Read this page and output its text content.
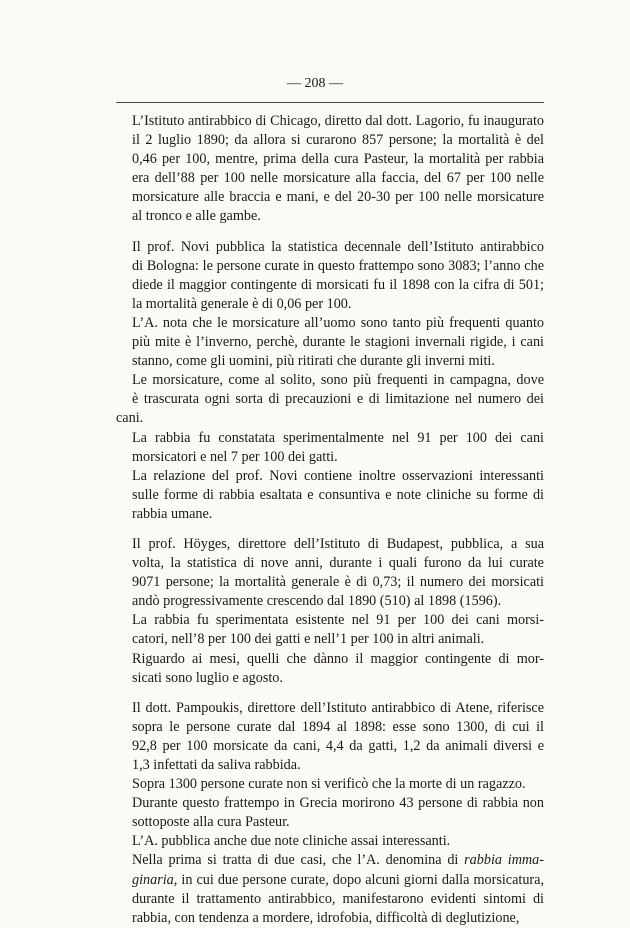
— 208 —

L’Istituto antirabbico di Chicago, diretto dal dott. Lagorio, fu inaugurato
il 2 luglio 1890; da allora si curarono 857 persone; la mortalità è del
0,46 per 100, mentre, prima della cura Pasteur, la mortalità per rabbia
era dell’88 per 100 nelle morsicature alla faccia, del 67 per 100 nelle
morsicature alle braccia e mani, e del 20-30 per 100 nelle morsicature
al tronco e alle gambe.

Il prof. Novi pubblica la statistica decennale dell’Istituto antirabbico
di Bologna: le persone curate in questo frattempo sono 3083; l’anno che
diede il maggior contingente di morsicati fu il 1898 con la cifra di 501;
la mortalità generale è di 0,06 per 100.

L’A. nota che le morsicature all’uomo sono tanto più frequenti quanto
più mite è l’inverno, perchè, durante le stagioni invernali rigide, i cani
stanno, come gli uomini, più ritirati che durante gli inverni miti.

Le morsicature, come al solito, sono più frequenti in campagna, dove
è trascurata ogni sorta di precauzioni e di limitazione nel numero dei cani.

La rabbia fu constatata sperimentalmente nel 91 per 100 dei cani
morsicatori e nel 7 per 100 dei gatti.

La relazione del prof. Novi contiene inoltre osservazioni interessanti
sulle forme di rabbia esaltata e consuntiva e note cliniche su forme di
rabbia umane.

Il prof. Höyges, direttore dell’Istituto di Budapest, pubblica, a sua
volta, la statistica di nove anni, durante i quali furono da lui curate
9071 persone; la mortalità generale è di 0,73; il numero dei morsicati
andò progressivamente crescendo dal 1890 (510) al 1898 (1596).

La rabbia fu sperimentata esistente nel 91 per 100 dei cani morsi-
catori, nell’8 per 100 dei gatti e nell’1 per 100 in altri animali.

Riguardo ai mesi, quelli che dànno il maggior contingente di mor-
sicati sono luglio e agosto.

Il dott. Pampoukis, direttore dell’Istituto antirabbico di Atene, riferisce
sopra le persone curate dal 1894 al 1898: esse sono 1300, di cui il
92,8 per 100 morsicate da cani, 4,4 da gatti, 1,2 da animali diversi e
1,3 infettati da saliva rabbida.

Sopra 1300 persone curate non si verificò che la morte di un ragazzo.

Durante questo frattempo in Grecia morirono 43 persone di rabbia non
sottoposte alla cura Pasteur.

L’A. pubblica anche due note cliniche assai interessanti.

Nella prima si tratta di due casi, che l’A. denomina di rabbia imma-
ginaria, in cui due persone curate, dopo alcuni giorni dalla morsicatura,
durante il trattamento antirabbico, manifestarono evidenti sintomi di
rabbia, con tendenza a mordere, idrofobia, difficoltà di deglutizione,
